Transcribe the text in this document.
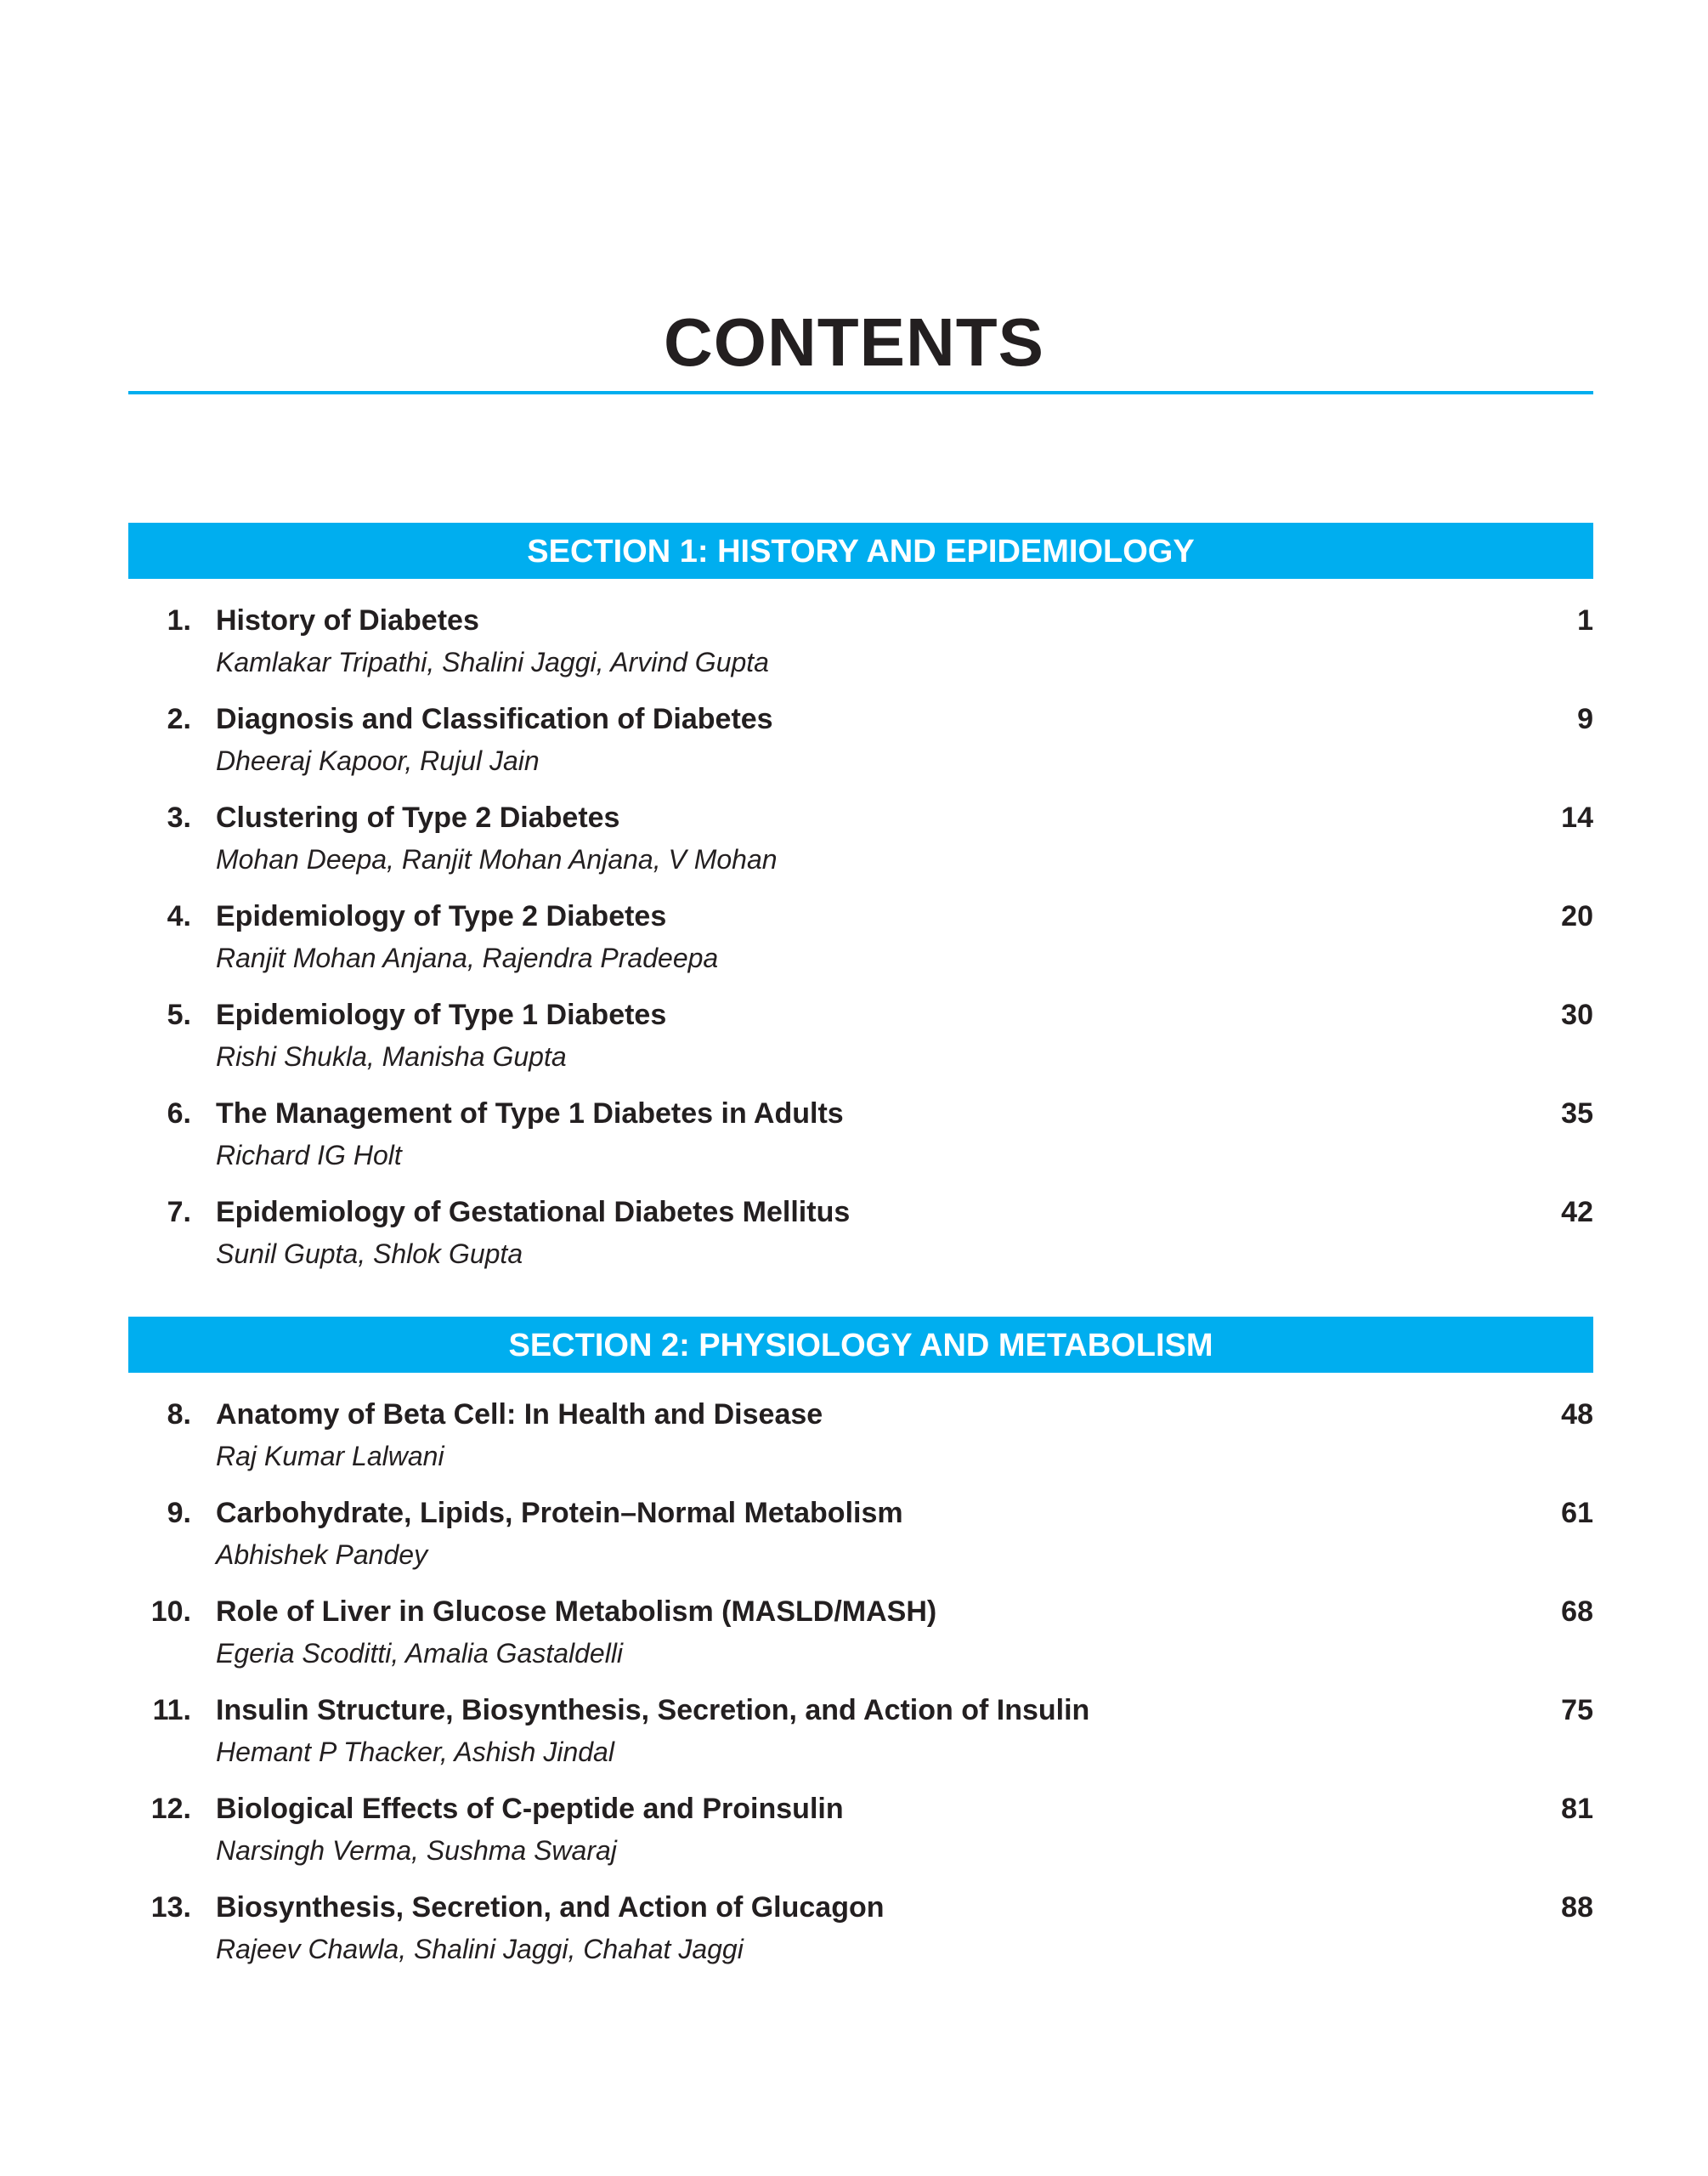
CONTENTS
SECTION 1: HISTORY AND EPIDEMIOLOGY
1. History of Diabetes
Kamlakar Tripathi, Shalini Jaggi, Arvind Gupta
1
2. Diagnosis and Classification of Diabetes
Dheeraj Kapoor, Rujul Jain
9
3. Clustering of Type 2 Diabetes
Mohan Deepa, Ranjit Mohan Anjana, V Mohan
14
4. Epidemiology of Type 2 Diabetes
Ranjit Mohan Anjana, Rajendra Pradeepa
20
5. Epidemiology of Type 1 Diabetes
Rishi Shukla, Manisha Gupta
30
6. The Management of Type 1 Diabetes in Adults
Richard IG Holt
35
7. Epidemiology of Gestational Diabetes Mellitus
Sunil Gupta, Shlok Gupta
42
SECTION 2: PHYSIOLOGY AND METABOLISM
8. Anatomy of Beta Cell: In Health and Disease
Raj Kumar Lalwani
48
9. Carbohydrate, Lipids, Protein–Normal Metabolism
Abhishek Pandey
61
10. Role of Liver in Glucose Metabolism (MASLD/MASH)
Egeria Scoditti, Amalia Gastaldelli
68
11. Insulin Structure, Biosynthesis, Secretion, and Action of Insulin
Hemant P Thacker, Ashish Jindal
75
12. Biological Effects of C-peptide and Proinsulin
Narsingh Verma, Sushma Swaraj
81
13. Biosynthesis, Secretion, and Action of Glucagon
Rajeev Chawla, Shalini Jaggi, Chahat Jaggi
88
